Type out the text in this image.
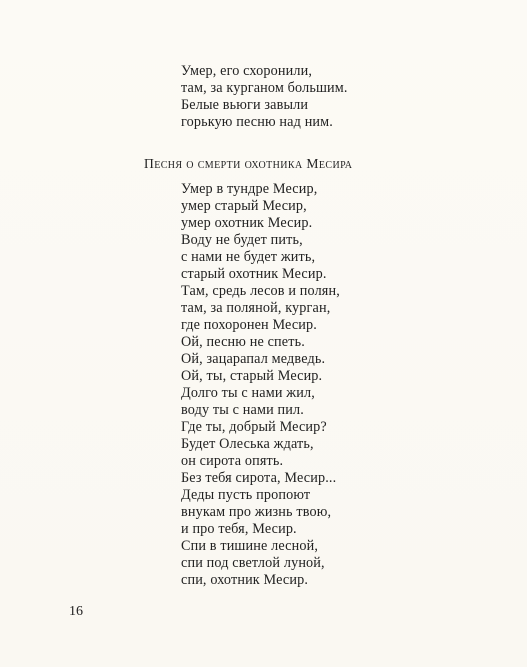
Умер, его схоронили,
там, за курганом большим.
Белые вьюги завыли
горькую песню над ним.
Песня о смерти охотника Месира
Умер в тундре Месир,
умер старый Месир,
умер охотник Месир.
Воду не будет пить,
с нами не будет жить,
старый охотник Месир.
Там, средь лесов и полян,
там, за поляной, курган,
где похоронен Месир.
Ой, песню не спеть.
Ой, зацарапал медведь.
Ой, ты, старый Месир.
Долго ты с нами жил,
воду ты с нами пил.
Где ты, добрый Месир?
Будет Олеська ждать,
он сирота опять.
Без тебя сирота, Месир...
Деды пусть пропоют
внукам про жизнь твою,
и про тебя, Месир.
Спи в тишине лесной,
спи под светлой луной,
спи, охотник Месир.
16
